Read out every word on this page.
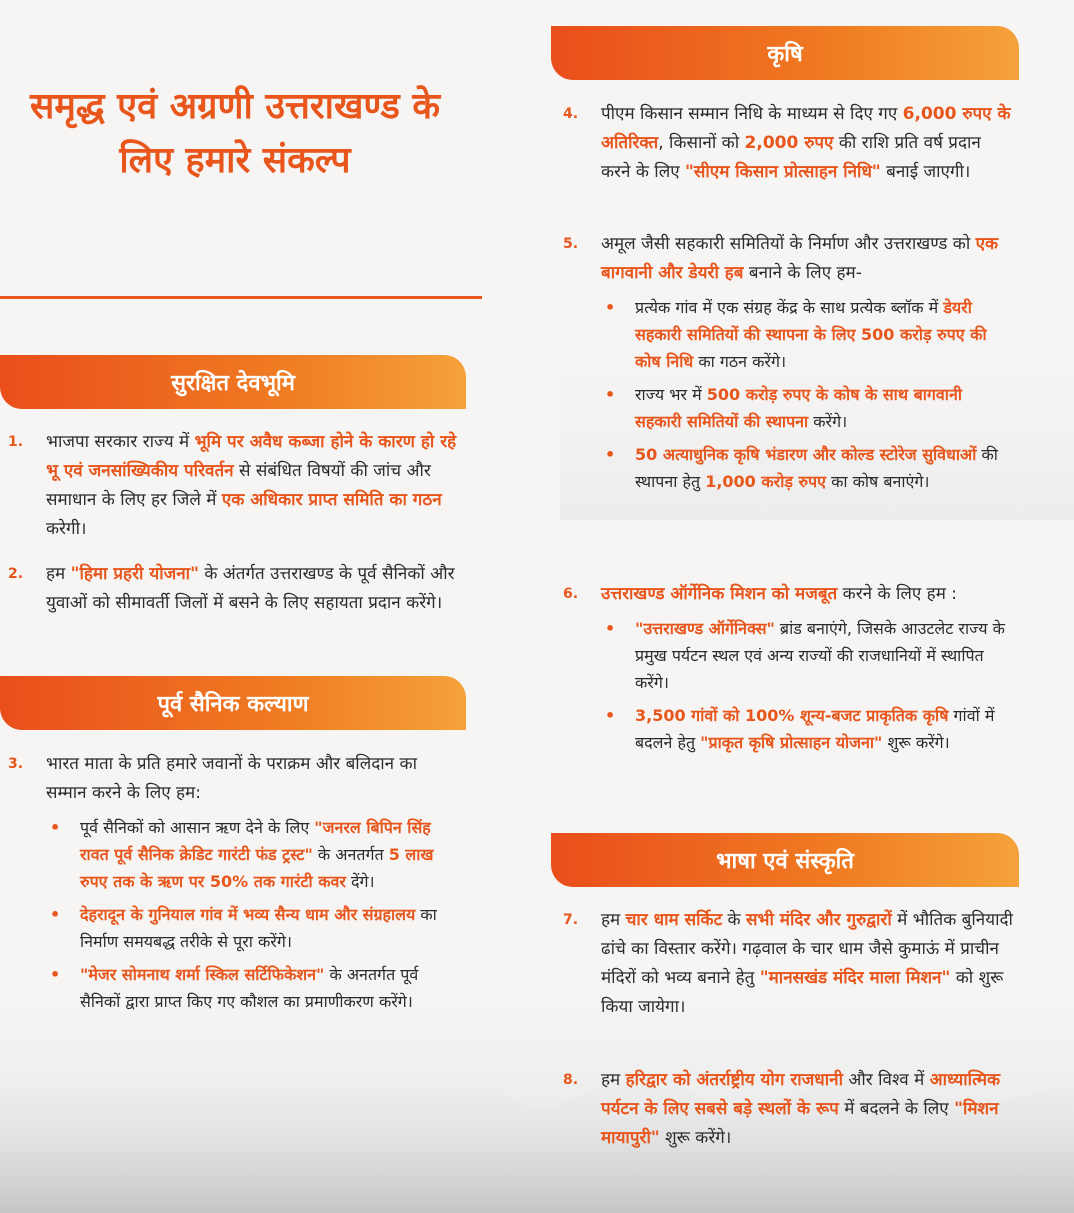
समृद्ध एवं अग्रणी उत्तराखण्ड के लिए हमारे संकल्प
सुरक्षित देवभूमि
1. भाजपा सरकार राज्य में भूमि पर अवैध कब्जा होने के कारण हो रहे भू एवं जनसांख्यिकीय परिवर्तन से संबंधित विषयों की जांच और समाधान के लिए हर जिले में एक अधिकार प्राप्त समिति का गठन करेगी।
2. हम "हिमा प्रहरी योजना" के अंतर्गत उत्तराखण्ड के पूर्व सैनिकों और युवाओं को सीमावर्ती जिलों में बसने के लिए सहायता प्रदान करेंगे।
पूर्व सैनिक कल्याण
3. भारत माता के प्रति हमारे जवानों के पराक्रम और बलिदान का सम्मान करने के लिए हम:
• पूर्व सैनिकों को आसान ऋण देने के लिए "जनरल बिपिन सिंह रावत पूर्व सैनिक क्रेडिट गारंटी फंड ट्रस्ट" के अनतर्गत 5 लाख रुपए तक के ऋण पर 50% तक गारंटी कवर देंगे।
• देहरादून के गुनियाल गांव में भव्य सैन्य धाम और संग्रहालय का निर्माण समयबद्ध तरीके से पूरा करेंगे।
• "मेजर सोमनाथ शर्मा स्किल सर्टिफिकेशन" के अनतर्गत पूर्व सैनिकों द्वारा प्राप्त किए गए कौशल का प्रमाणीकरण करेंगे।
कृषि
4. पीएम किसान सम्मान निधि के माध्यम से दिए गए 6,000 रुपए के अतिरिक्त, किसानों को 2,000 रुपए की राशि प्रति वर्ष प्रदान करने के लिए "सीएम किसान प्रोत्साहन निधि" बनाई जाएगी।
5. अमूल जैसी सहकारी समितियों के निर्माण और उत्तराखण्ड को एक बागवानी और डेयरी हब बनाने के लिए हम-
• प्रत्येक गांव में एक संग्रह केंद्र के साथ प्रत्येक ब्लॉक में डेयरी सहकारी समितियों की स्थापना के लिए 500 करोड़ रुपए की कोष निधि का गठन करेंगे।
• राज्य भर में 500 करोड़ रुपए के कोष के साथ बागवानी सहकारी समितियों की स्थापना करेंगे।
• 50 अत्याधुनिक कृषि भंडारण और कोल्ड स्टोरेज सुविधाओं की स्थापना हेतु 1,000 करोड़ रुपए का कोष बनाएंगे।
6. उत्तराखण्ड ऑर्गेनिक मिशन को मजबूत करने के लिए हम :
• "उत्तराखण्ड ऑर्गेनिक्स" ब्रांड बनाएंगे, जिसके आउटलेट राज्य के प्रमुख पर्यटन स्थल एवं अन्य राज्यों की राजधानियों में स्थापित करेंगे।
• 3,500 गांवों को 100% शून्य-बजट प्राकृतिक कृषि गांवों में बदलने हेतु "प्राकृत कृषि प्रोत्साहन योजना" शुरू करेंगे।
भाषा एवं संस्कृति
7. हम चार धाम सर्किट के सभी मंदिर और गुरुद्वारों में भौतिक बुनियादी ढांचे का विस्तार करेंगे। गढ़वाल के चार धाम जैसे कुमाऊं में प्राचीन मंदिरों को भव्य बनाने हेतु "मानसखंड मंदिर माला मिशन" को शुरू किया जायेगा।
8. हम हरिद्वार को अंतर्राष्ट्रीय योग राजधानी और विश्व में आध्यात्मिक पर्यटन के लिए सबसे बड़े स्थलों के रूप में बदलने के लिए "मिशन मायापुरी" शुरू करेंगे।
